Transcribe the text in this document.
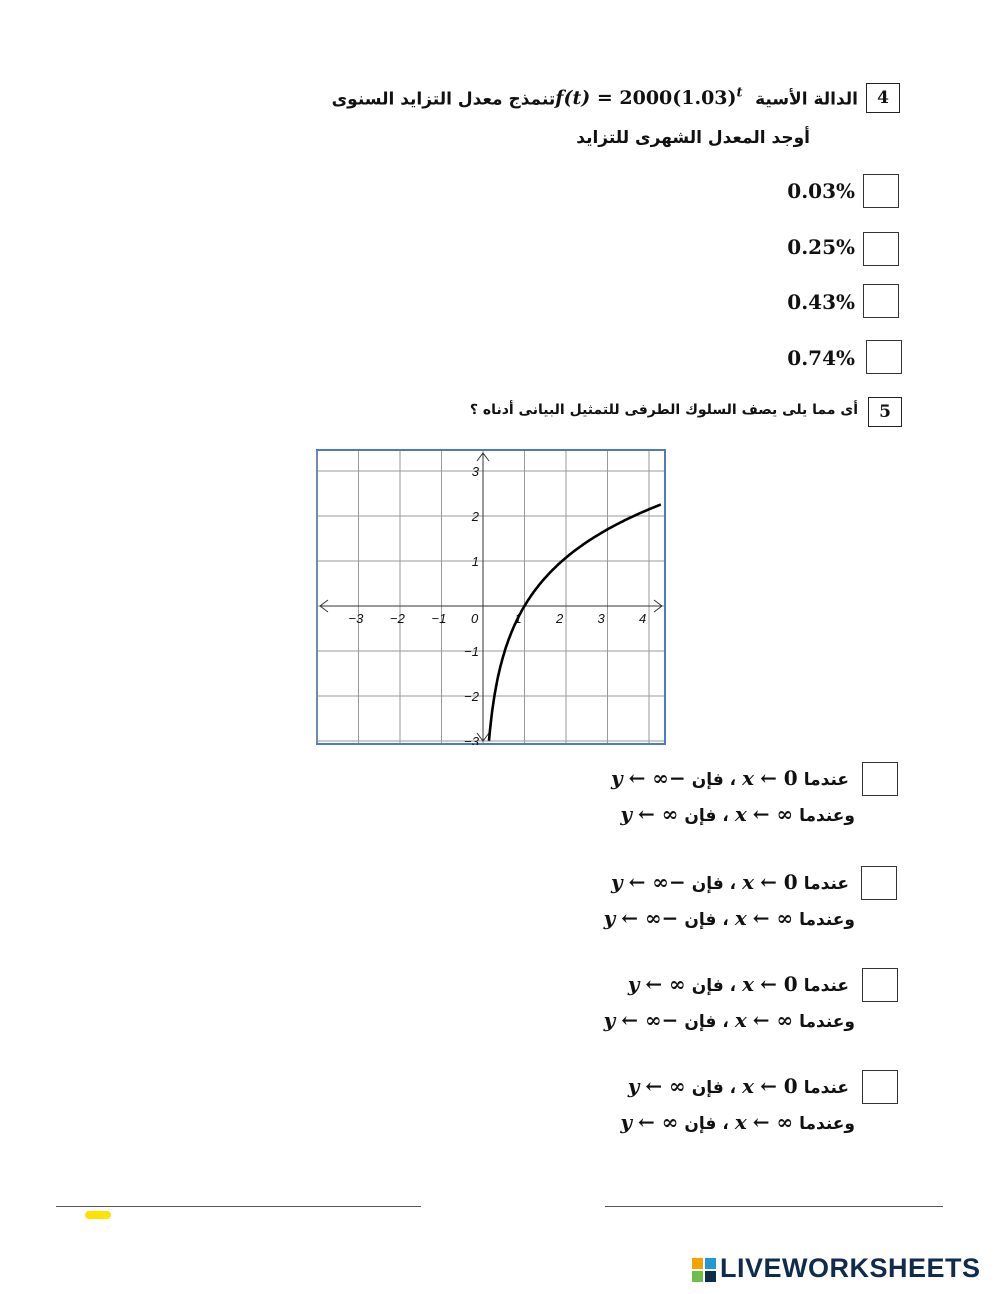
4
الدالة الأسية $f(t) = 2000(1.03)^t$ تنمذج معدل التزايد السنوى
أوجد المعدل الشهرى للتزايد
0.03%
0.25%
0.43%
0.74%
5
أى مما يلى يصف السلوك الطرفى للتمثيل البيانى أدناه ؟
−3 −2 −1 0	1	2	3	4
3
2
1
−1
−2
−3
عندما0 ←x، فإن−∞ ←y
وعندما∞ ←x، فإن∞ ←y
عندما0 ←x، فإن−∞ ←y
وعندما∞ ←x، فإن−∞ ←y
عندما0 ←x، فإن∞ ←y
وعندما∞ ←x، فإن−∞ ←y
عندما0 ←x، فإن∞ ←y
وعندما∞ ←x، فإن∞ ←y
LIVEWORKSHEETS
